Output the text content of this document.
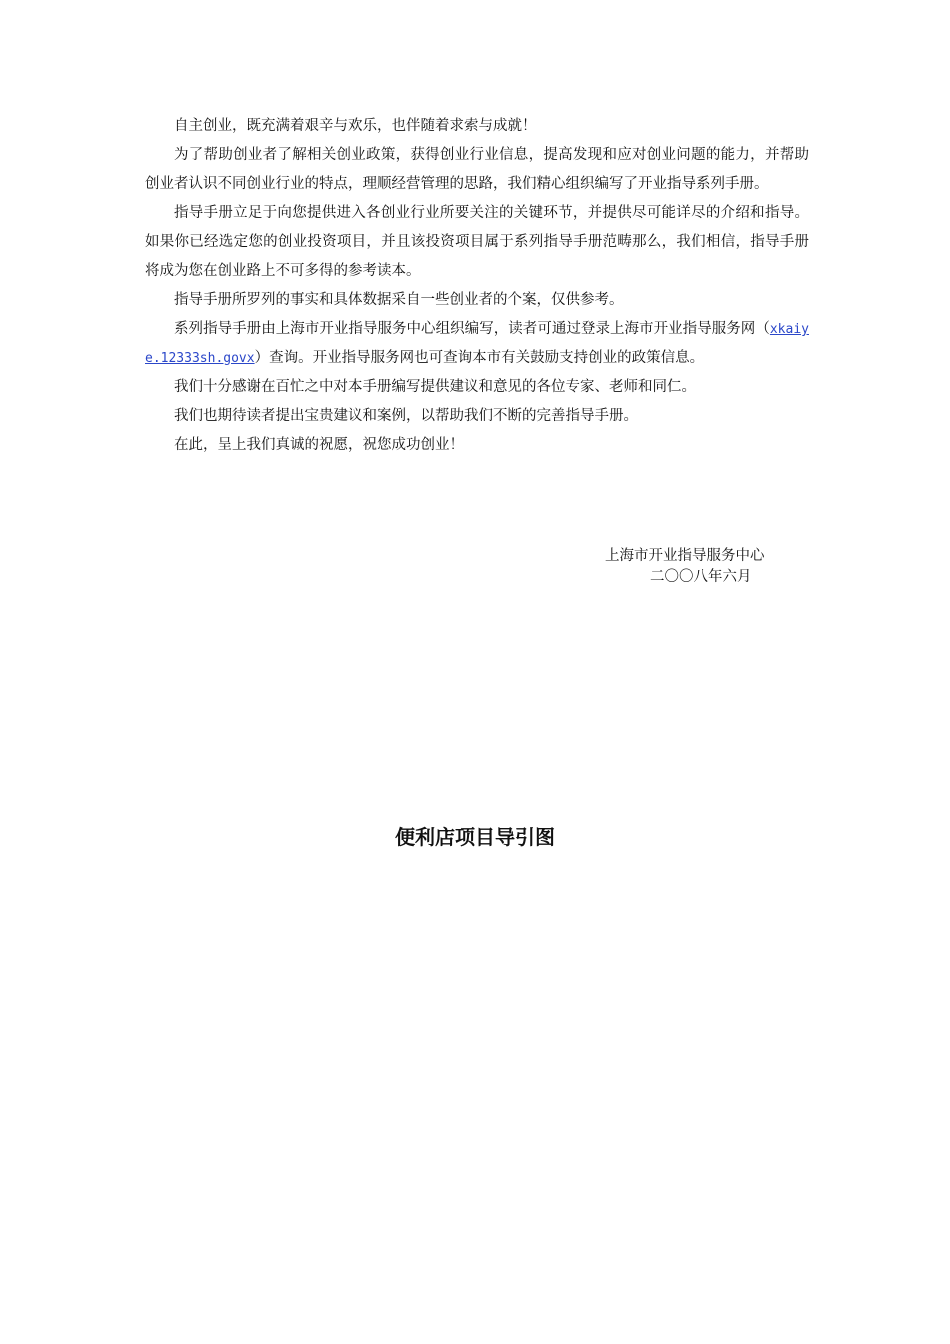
自主创业，既充满着艰辛与欢乐，也伴随着求索与成就！

为了帮助创业者了解相关创业政策，获得创业行业信息，提高发现和应对创业问题的能力，并帮助创业者认识不同创业行业的特点，理顺经营管理的思路，我们精心组织编写了开业指导系列手册。

指导手册立足于向您提供进入各创业行业所要关注的关键环节，并提供尽可能详尽的介绍和指导。如果你已经选定您的创业投资项目，并且该投资项目属于系列指导手册范畴那么，我们相信，指导手册将成为您在创业路上不可多得的参考读本。

指导手册所罗列的事实和具体数据采自一些创业者的个案，仅供参考。

系列指导手册由上海市开业指导服务中心组织编写，读者可通过登录上海市开业指导服务网（xkaiye.12333sh.govx）查询。开业指导服务网也可查询本市有关鼓励支持创业的政策信息。

我们十分感谢在百忙之中对本手册编写提供建议和意见的各位专家、老师和同仁。

我们也期待读者提出宝贵建议和案例，以帮助我们不断的完善指导手册。

在此，呈上我们真诚的祝愿，祝您成功创业！

上海市开业指导服务中心

二〇〇八年六月

便利店项目导引图
